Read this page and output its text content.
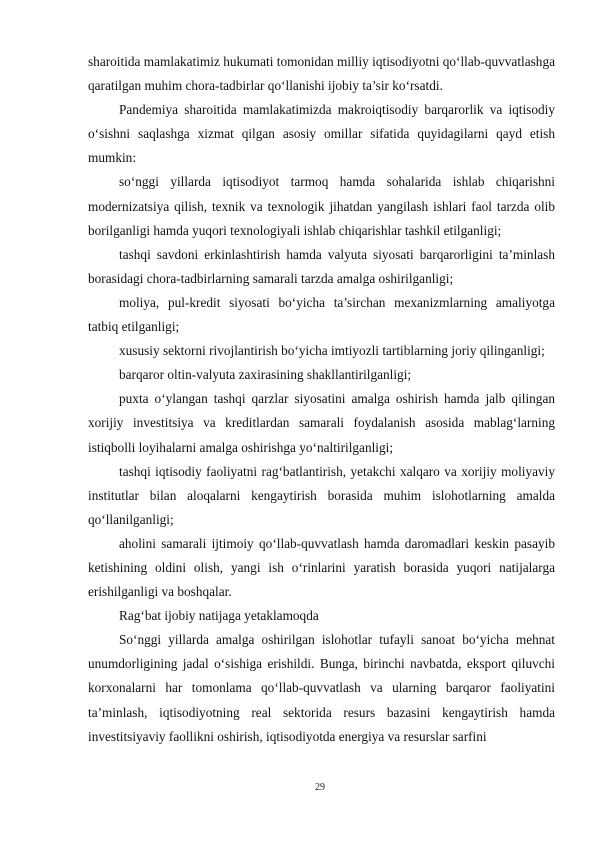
sharoitida mamlakatimiz hukumati tomonidan milliy iqtisodiyotni qo‘llab-quvvatlashga qaratilgan muhim chora-tadbirlar qo‘llanishi ijobiy ta’sir ko‘rsatdi.

Pandemiya sharoitida mamlakatimizda makroiqtisodiy barqarorlik va iqtisodiy o‘sishni saqlashga xizmat qilgan asosiy omillar sifatida quyidagilarni qayd etish mumkin:

so‘nggi yillarda iqtisodiyot tarmoq hamda sohalarida ishlab chiqarishni modernizatsiya qilish, texnik va texnologik jihatdan yangilash ishlari faol tarzda olib borilganligi hamda yuqori texnologiyali ishlab chiqarishlar tashkil etilganligi;

tashqi savdoni erkinlashtirish hamda valyuta siyosati barqarorligini ta’minlash borasidagi chora-tadbirlarning samarali tarzda amalga oshirilganligi;

moliya, pul-kredit siyosati bo‘yicha ta’sirchan mexanizmlarning amaliyotga tatbiq etilganligi;

xususiy sektorni rivojlantirish bo‘yicha imtiyozli tartiblarning joriy qilinganligi;

barqaror oltin-valyuta zaxirasining shakllantirilganligi;

puxta o‘ylangan tashqi qarzlar siyosatini amalga oshirish hamda jalb qilingan xorijiy investitsiya va kreditlardan samarali foydalanish asosida mablag‘larning istiqbolli loyihalarni amalga oshirishga yo‘naltirilganligi;

tashqi iqtisodiy faoliyatni rag‘batlantirish, yetakchi xalqaro va xorijiy moliyaviy institutlar bilan aloqalarni kengaytirish borasida muhim islohotlarning amalda qo‘llanilganligi;

aholini samarali ijtimoiy qo‘llab-quvvatlash hamda daromadlari keskin pasayib ketishining oldini olish, yangi ish o‘rinlarini yaratish borasida yuqori natijalarga erishilganligi va boshqalar.

Rag‘bat ijobiy natijaga yetaklamoqda

So‘nggi yillarda amalga oshirilgan islohotlar tufayli sanoat bo‘yicha mehnat unumdorligining jadal o‘sishiga erishildi. Bunga, birinchi navbatda, eksport qiluvchi korxonalarni har tomonlama qo‘llab-quvvatlash va ularning barqaror faoliyatini ta’minlash, iqtisodiyotning real sektorida resurs bazasini kengaytirish hamda investitsiyaviy faollikni oshirish, iqtisodiyotda energiya va resurslar sarfini

29
